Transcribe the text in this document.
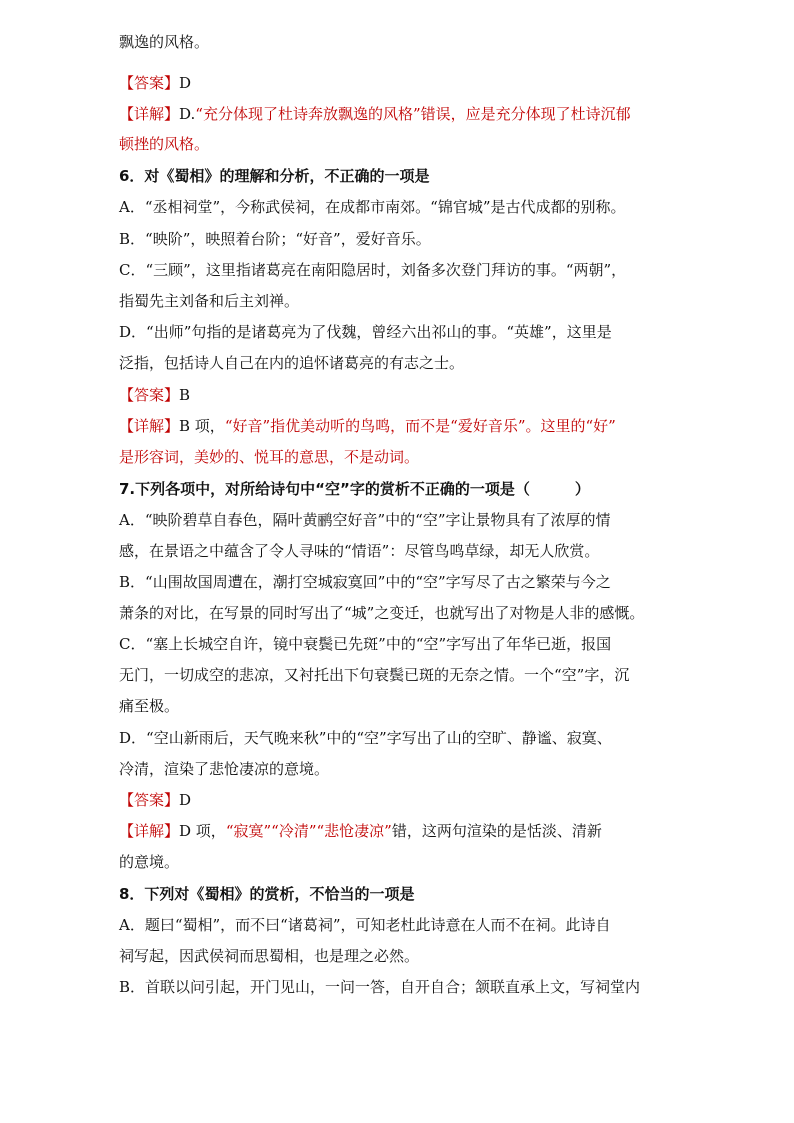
飘逸的风格。
【答案】D
【详解】D.“充分体现了杜诗奔放飘逸的风格”错误，应是充分体现了杜诗沉郁
顿挫的风格。
6．对《蜀相》的理解和分析，不正确的一项是
A．“丞相祠堂”，今称武侯祠，在成都市南郊。“锦官城”是古代成都的别称。
B．“映阶”，映照着台阶；“好音”，爱好音乐。
C．“三顾”，这里指诸葛亮在南阳隐居时，刘备多次登门拜访的事。“两朝”，
指蜀先主刘备和后主刘禅。
D．“出师”句指的是诸葛亮为了伐魏，曾经六出祁山的事。“英雄”，这里是
泛指，包括诗人自己在内的追怀诸葛亮的有志之士。
【答案】B
【详解】B 项，“好音”指优美动听的鸟鸣，而不是“爱好音乐”。这里的“好”
是形容词，美妙的、悦耳的意思，不是动词。
7.下列各项中，对所给诗句中“空”字的赏析不正确的一项是（　　　）
A．“映阶碧草自春色，隔叶黄鹂空好音”中的“空”字让景物具有了浓厚的情
感，在景语之中蕴含了令人寻味的“情语”：尽管鸟鸣草绿，却无人欣赏。
B．“山围故国周遭在，潮打空城寂寞回”中的“空”字写尽了古之繁荣与今之
萧条的对比，在写景的同时写出了“城”之变迁，也就写出了对物是人非的感慨。
C．“塞上长城空自许，镜中衰鬓已先斑”中的“空”字写出了年华已逝，报国
无门，一切成空的悲凉，又衬托出下句衰鬓已斑的无奈之情。一个“空”字，沉
痛至极。
D．“空山新雨后，天气晚来秋”中的“空”字写出了山的空旷、静谧、寂寞、
冷清，渲染了悲怆凄凉的意境。
【答案】D
【详解】D 项，“寂寞”“冷清”“悲怆凄凉”错，这两句渲染的是恬淡、清新
的意境。
8．下列对《蜀相》的赏析，不恰当的一项是
A．题曰“蜀相”，而不曰“诸葛祠”，可知老杜此诗意在人而不在祠。此诗自
祠写起，因武侯祠而思蜀相，也是理之必然。
B．首联以问引起，开门见山，一问一答，自开自合；颔联直承上文，写祠堂内
